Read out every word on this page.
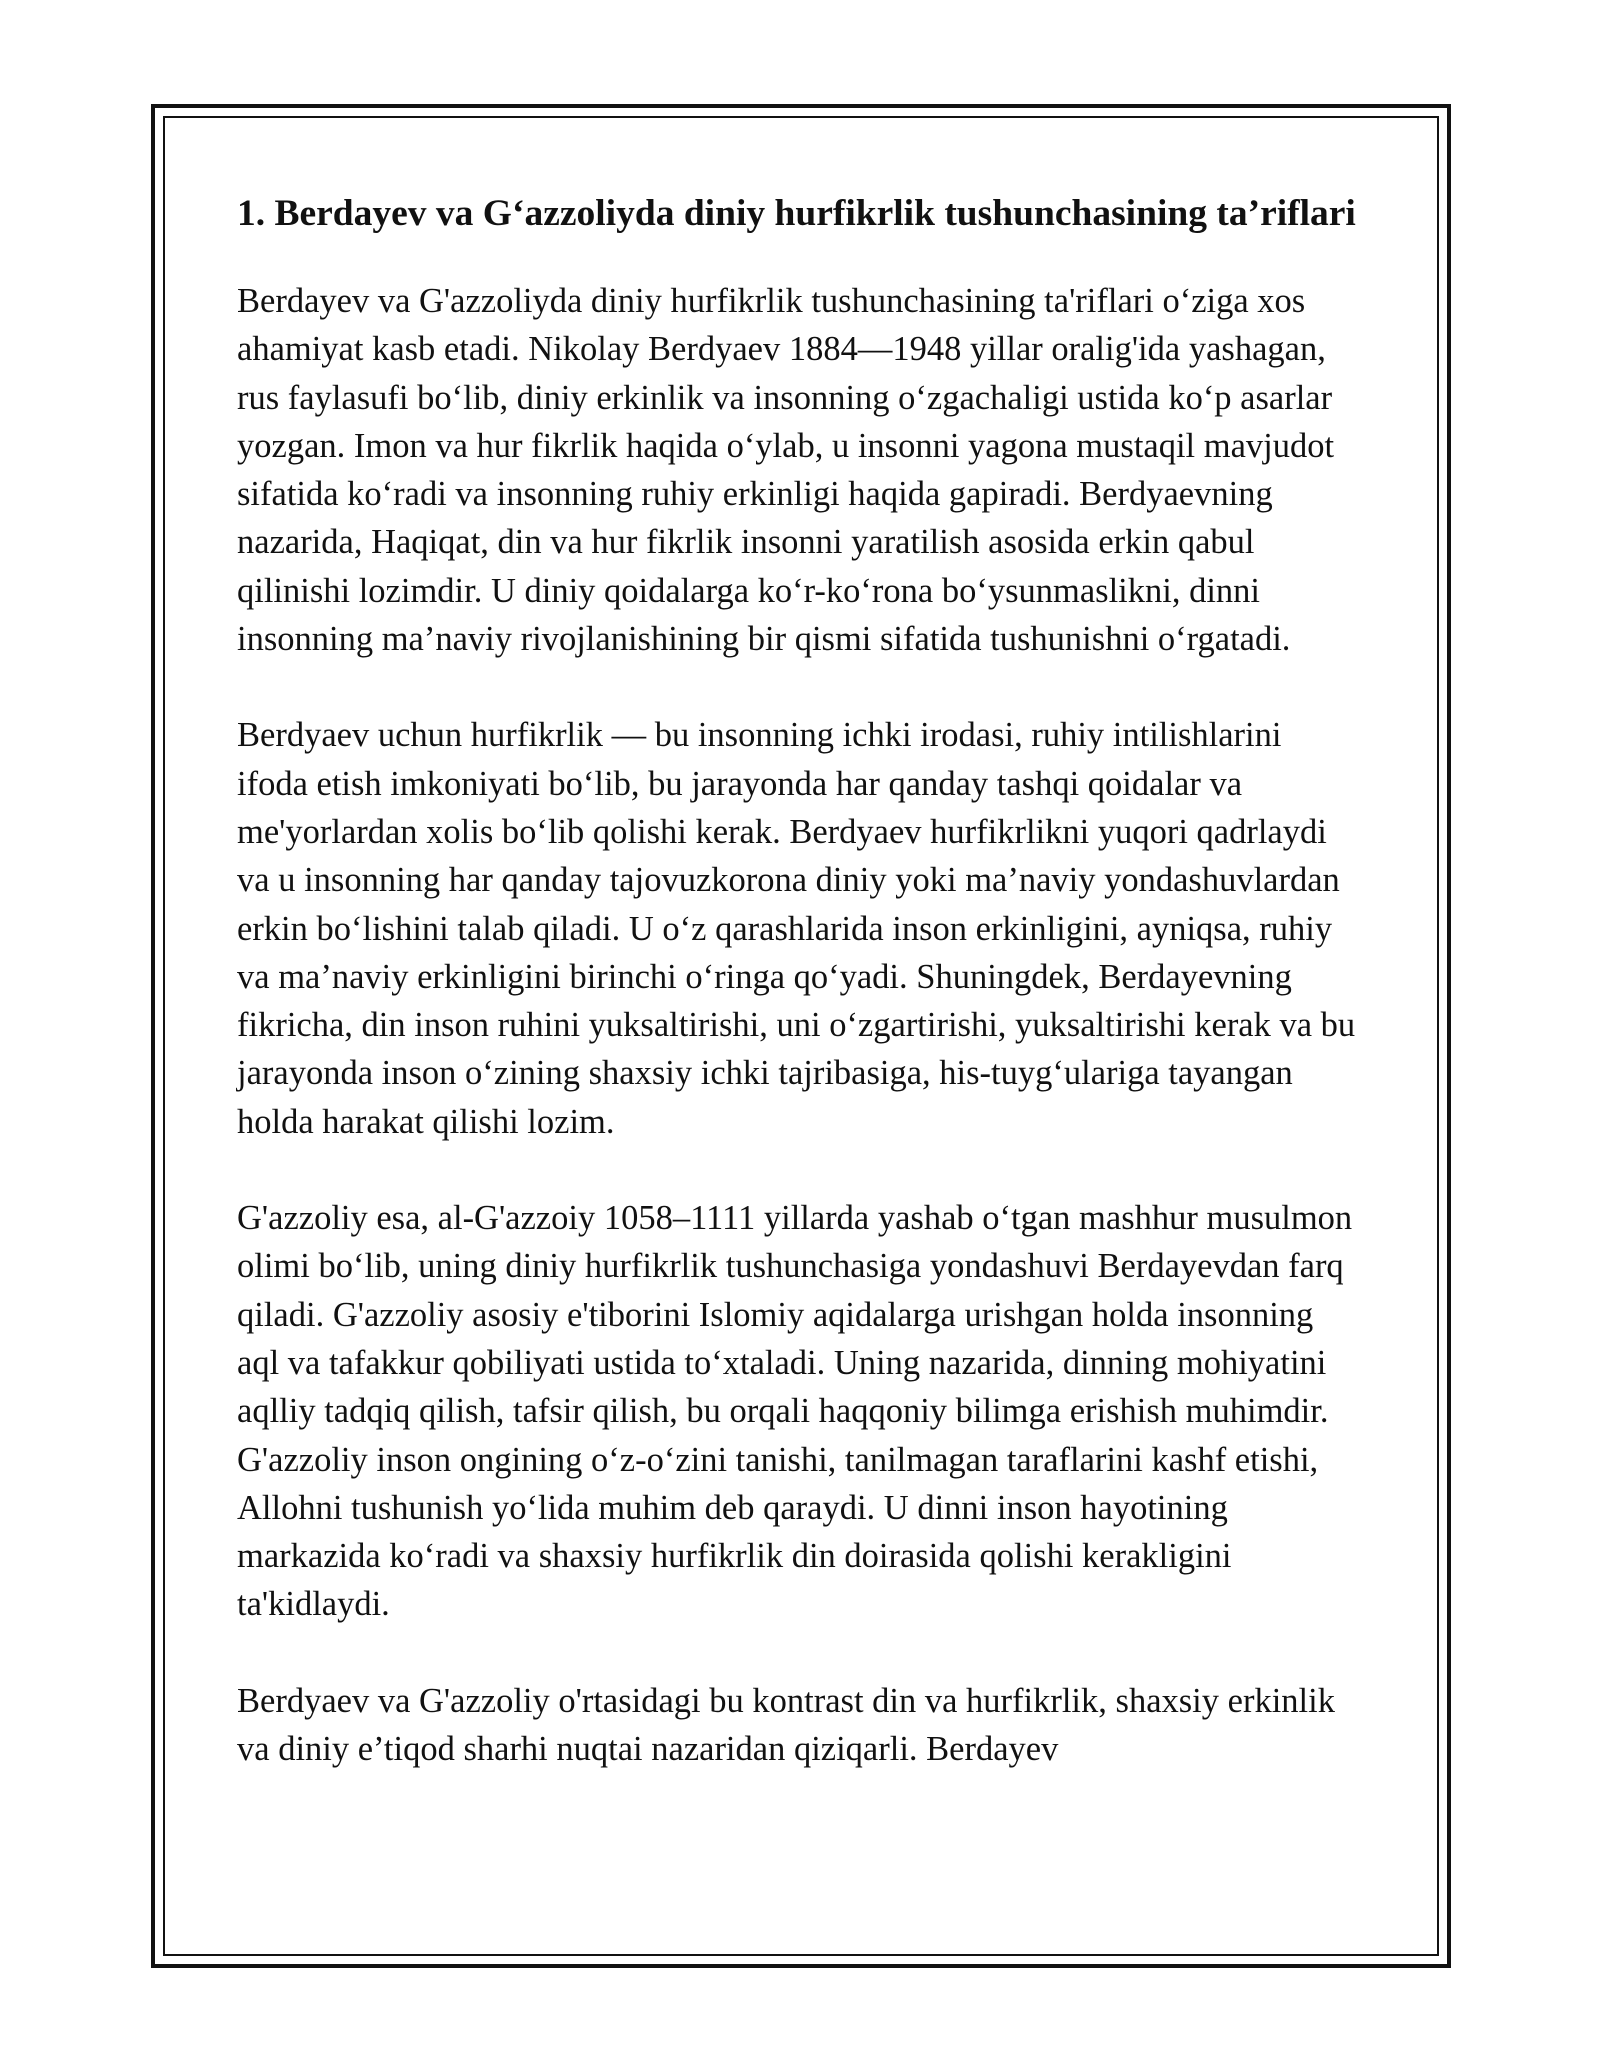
1. Berdayev va G‘azzoliyda diniy hurfikrlik tushunchasining ta’riflari

Berdayev va G'azzoliyda diniy hurfikrlik tushunchasining ta'riflari o‘ziga xos ahamiyat kasb etadi. Nikolay Berdyaev 1884—1948 yillar oralig'ida yashagan, rus faylasufi bo‘lib, diniy erkinlik va insonning o‘zgachaligi ustida ko‘p asarlar yozgan. Imon va hur fikrlik haqida o‘ylab, u insonni yagona mustaqil mavjudot sifatida ko‘radi va insonning ruhiy erkinligi haqida gapiradi. Berdyaevning nazarida, Haqiqat, din va hur fikrlik insonni yaratilish asosida erkin qabul qilinishi lozimdir. U diniy qoidalarga ko‘r-ko‘rona bo‘ysunmaslikni, dinni insonning ma’naviy rivojlanishining bir qismi sifatida tushunishni o‘rgatadi.

Berdyaev uchun hurfikrlik — bu insonning ichki irodasi, ruhiy intilishlarini ifoda etish imkoniyati bo‘lib, bu jarayonda har qanday tashqi qoidalar va me'yorlardan xolis bo‘lib qolishi kerak. Berdyaev hurfikrlikni yuqori qadrlaydi va u insonning har qanday tajovuzkorona diniy yoki ma’naviy yondashuvlardan erkin bo‘lishini talab qiladi. U o‘z qarashlarida inson erkinligini, ayniqsa, ruhiy va ma’naviy erkinligini birinchi o‘ringa qo‘yadi. Shuningdek, Berdayevning fikricha, din inson ruhini yuksaltirishi, uni o‘zgartirishi, yuksaltirishi kerak va bu jarayonda inson o‘zining shaxsiy ichki tajribasiga, his-tuyg‘ulariga tayangan holda harakat qilishi lozim.

G'azzoliy esa, al-G'azzoiy 1058–1111 yillarda yashab o‘tgan mashhur musulmon olimi bo‘lib, uning diniy hurfikrlik tushunchasiga yondashuvi Berdayevdan farq qiladi. G'azzoliy asosiy e'tiborini Islomiy aqidalarga urishgan holda insonning aql va tafakkur qobiliyati ustida to‘xtaladi. Uning nazarida, dinning mohiyatini aqlliy tadqiq qilish, tafsir qilish, bu orqali haqqoniy bilimga erishish muhimdir. G'azzoliy inson ongining o‘z-o‘zini tanishi, tanilmagan taraflarini kashf etishi, Allohni tushunish yo‘lida muhim deb qaraydi. U dinni inson hayotining markazida ko‘radi va shaxsiy hurfikrlik din doirasida qolishi kerakligini ta'kidlaydi.

Berdyaev va G'azzoliy o'rtasidagi bu kontrast din va hurfikrlik, shaxsiy erkinlik va diniy e’tiqod sharhi nuqtai nazaridan qiziqarli. Berdayev
